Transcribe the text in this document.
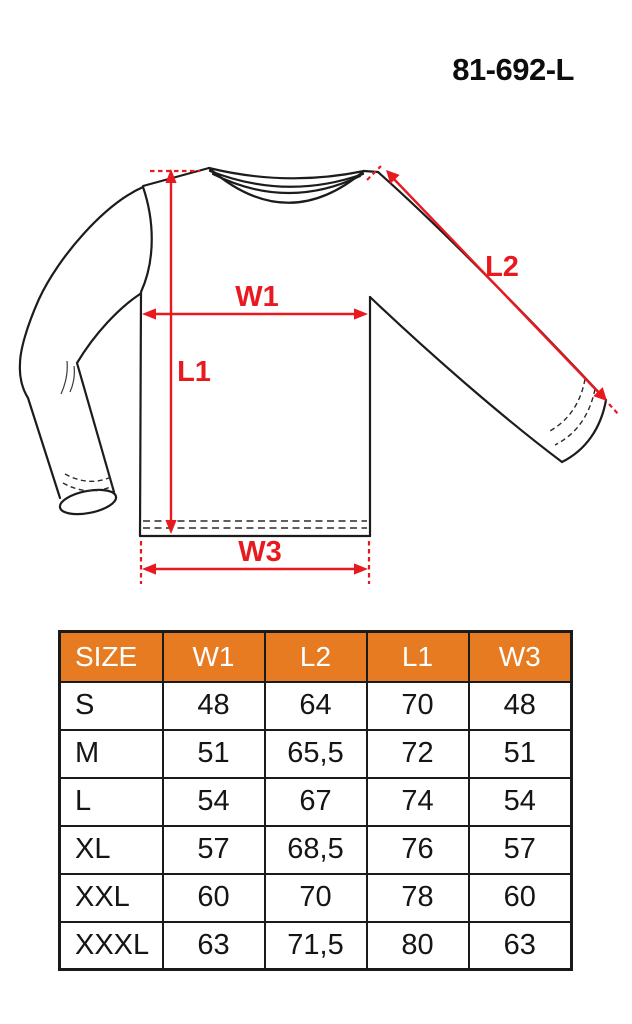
81-692-L
W1
L1
L2
W3
SIZE	W1	L2	L1	W3
S	48	64	70	48
M	51	65,5	72	51
L	54	67	74	54
XL	57	68,5	76	57
XXL	60	70	78	60
XXXL	63	71,5	80	63
